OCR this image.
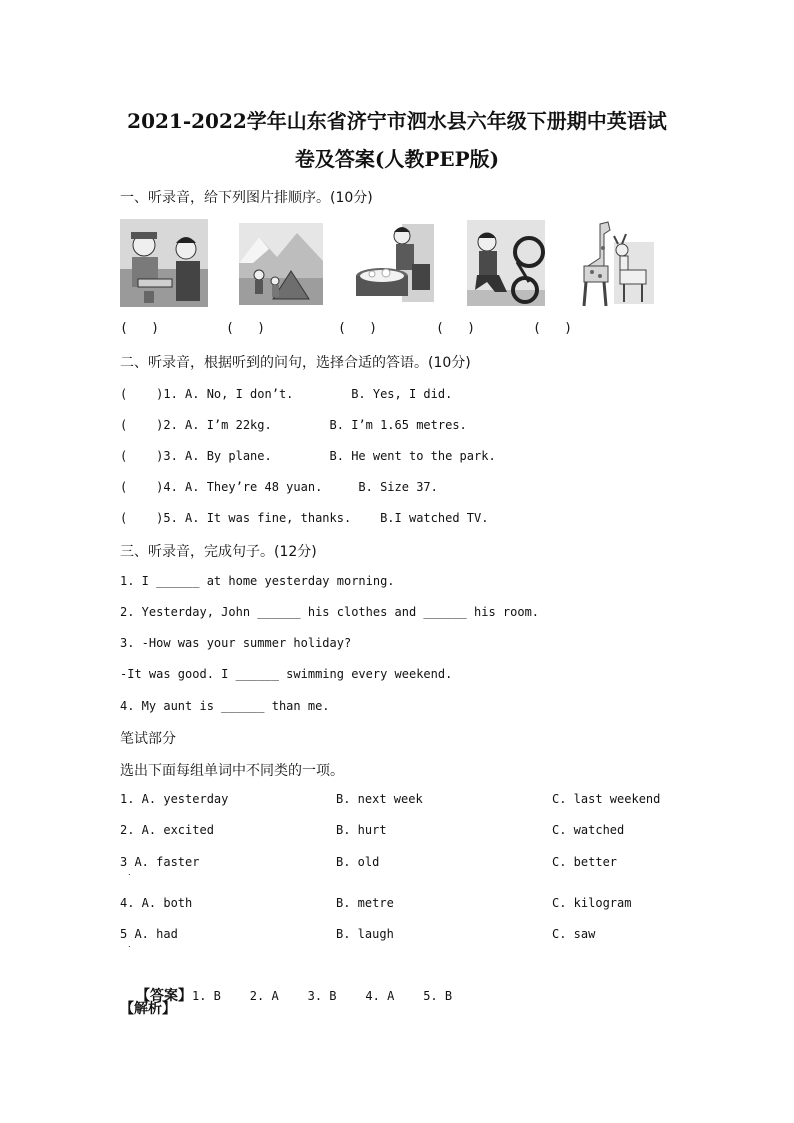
2021-2022学年山东省济宁市泗水县六年级下册期中英语试
卷及答案(人教PEP版)
一、听录音，给下列图片排顺序。(10分)
(   )	(   )	(   )	(   )	(   )
二、听录音，根据听到的问句，选择合适的答语。(10分)
(    )1. A. No, I don’t.        B. Yes, I did.
(    )2. A. I’m 22kg.        B. I’m 1.65 metres.
(    )3. A. By plane.        B. He went to the park.
(    )4. A. They’re 48 yuan.     B. Size 37.
(    )5. A. It was fine, thanks.    B.I watched TV.
三、听录音，完成句子。(12分)
1. I ______ at home yesterday morning.
2. Yesterday, John ______ his clothes and ______ his room.
3. -How was your summer holiday?
-It was good. I ______ swimming every weekend.
4. My aunt is ______ than me.
笔试部分
选出下面每组单词中不同类的一项。
1. A. yesterday	B. next week	C. last weekend
2. A. excited	B. hurt	C. watched
3 A. faster	B. old	C. better
.
4. A. both	B. metre	C. kilogram
5 A. had	B. laugh	C. saw
.

【答案】1. B    2. A    3. B    4. A    5. B

【解析】
